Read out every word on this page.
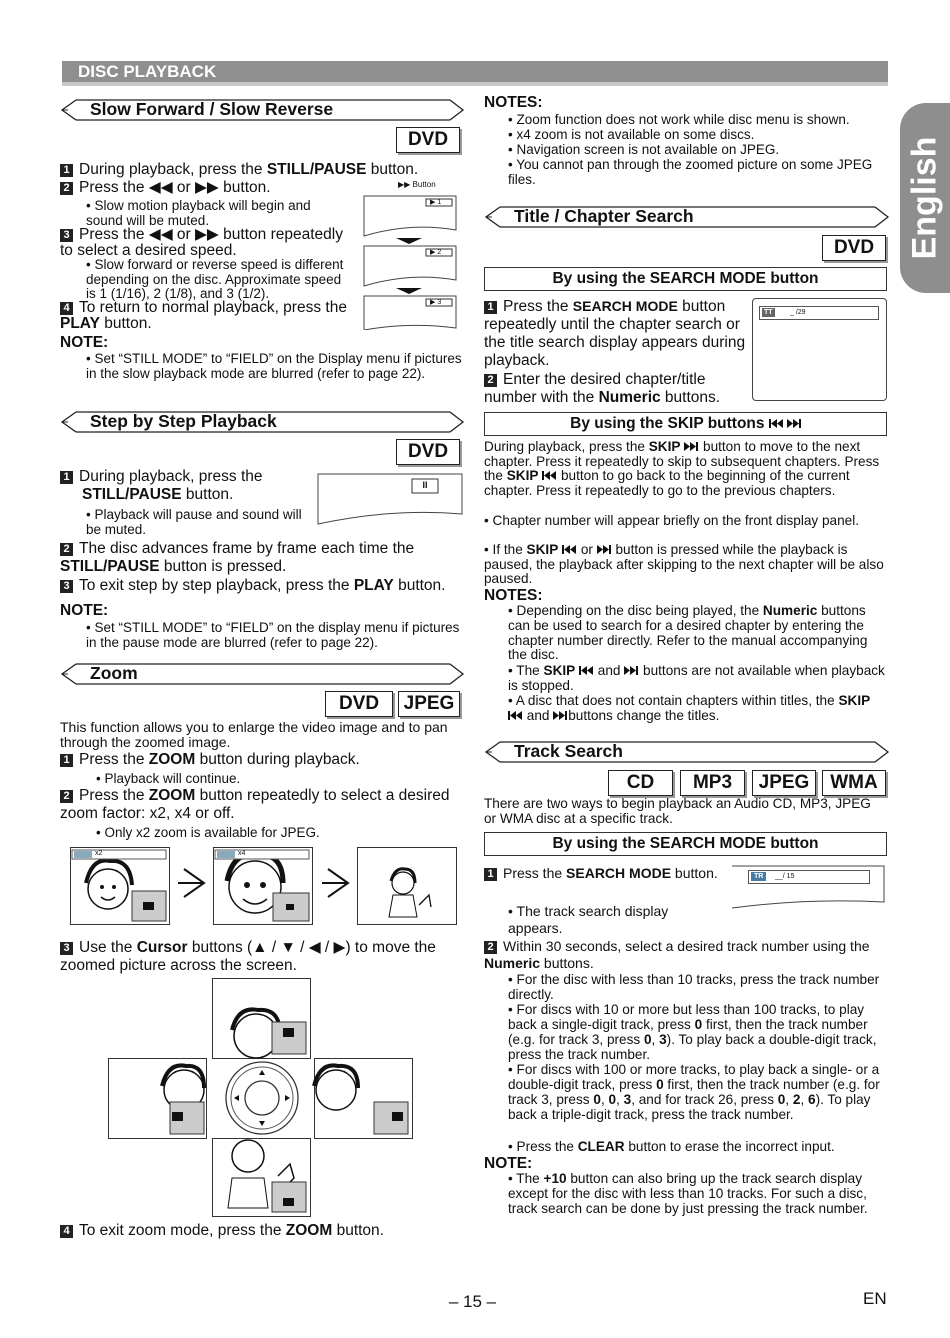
DISC PLAYBACK
English
Slow Forward / Slow Reverse
DVD
1 During playback, press the STILL/PAUSE button.
2 Press the ◀◀ or ▶▶ button.
• Slow motion playback will begin and sound will be muted.
3 Press the ◀◀ or ▶▶ button repeatedly to select a desired speed.
• Slow forward or reverse speed is different depending on the disc. Approximate speed is 1 (1/16), 2 (1/8), and 3 (1/2).
4 To return to normal playback, press the PLAY button.
NOTE:
• Set “STILL MODE” to “FIELD” on the Display menu if pictures in the slow playback mode are blurred (refer to page 22).
▶▶ Button
▶ 1
▶ 2
▶ 3
Step by Step Playback
DVD
1 During playback, press the
STILL/PAUSE button.
• Playback will pause and sound will be muted.
2 The disc advances frame by frame each time the STILL/PAUSE button is pressed.
3 To exit step by step playback, press the PLAY button.
NOTE:
• Set “STILL MODE” to “FIELD” on the display menu if pictures in the pause mode are blurred (refer to page 22).
II
Zoom
DVD	JPEG
This function allows you to enlarge the video image and to pan through the zoomed image.
1 Press the ZOOM button during playback.
• Playback will continue.
2 Press the ZOOM button repeatedly to select a desired zoom factor: x2, x4 or off.
• Only x2 zoom is available for JPEG.
x2	x4
3 Use the Cursor buttons (▲ / ▼ / ◀ / ▶) to move the zoomed picture across the screen.
4 To exit zoom mode, press the ZOOM button.
NOTES:
• Zoom function does not work while disc menu is shown.
• x4 zoom is not available on some discs.
• Navigation screen is not available on JPEG.
• You cannot pan through the zoomed picture on some JPEG files.
Title / Chapter Search
DVD
By using the SEARCH MODE button
1 Press the SEARCH MODE button repeatedly until the chapter search or the title search display appears during playback.
2 Enter the desired chapter/title number with the Numeric buttons.
TT _ /29
By using the SKIP buttons
During playback, press the SKIP  button to move to the next chapter. Press it repeatedly to skip to subsequent chapters. Press the SKIP  button to go back to the beginning of the current chapter. Press it repeatedly to go to the previous chapters.
• Chapter number will appear briefly on the front display panel.
• If the SKIP  or  button is pressed while the playback is paused, the playback after skipping to the next chapter will be also paused.
NOTES:
• Depending on the disc being played, the Numeric buttons can be used to search for a desired chapter by entering the chapter number directly. Refer to the manual accompanying the disc.
• The SKIP  and  buttons are not available when playback is stopped.
• A disc that does not contain chapters within titles, the SKIP  and buttons change the titles.
Track Search
CD	MP3	JPEG	WMA
There are two ways to begin playback an Audio CD, MP3, JPEG or WMA disc at a specific track.
By using the SEARCH MODE button
1 Press the SEARCH MODE button.
• The track search display appears.
TR	__/ 15
2 Within 30 seconds, select a desired track number using the Numeric buttons.
• For the disc with less than 10 tracks, press the track number directly.
• For discs with 10 or more but less than 100 tracks, to play back a single-digit track, press 0 first, then the track number (e.g. for track 3, press 0, 3). To play back a double-digit track, press the track number.
• For discs with 100 or more tracks, to play back a single- or a double-digit track, press 0 first, then the track number (e.g. for track 3, press 0, 0, 3, and for track 26, press 0, 2, 6). To play back a triple-digit track, press the track number.
• Press the CLEAR button to erase the incorrect input.
NOTE:
• The +10 button can also bring up the track search display except for the disc with less than 10 tracks. For such a disc, track search can be done by just pressing the track number.
– 15 –	EN
